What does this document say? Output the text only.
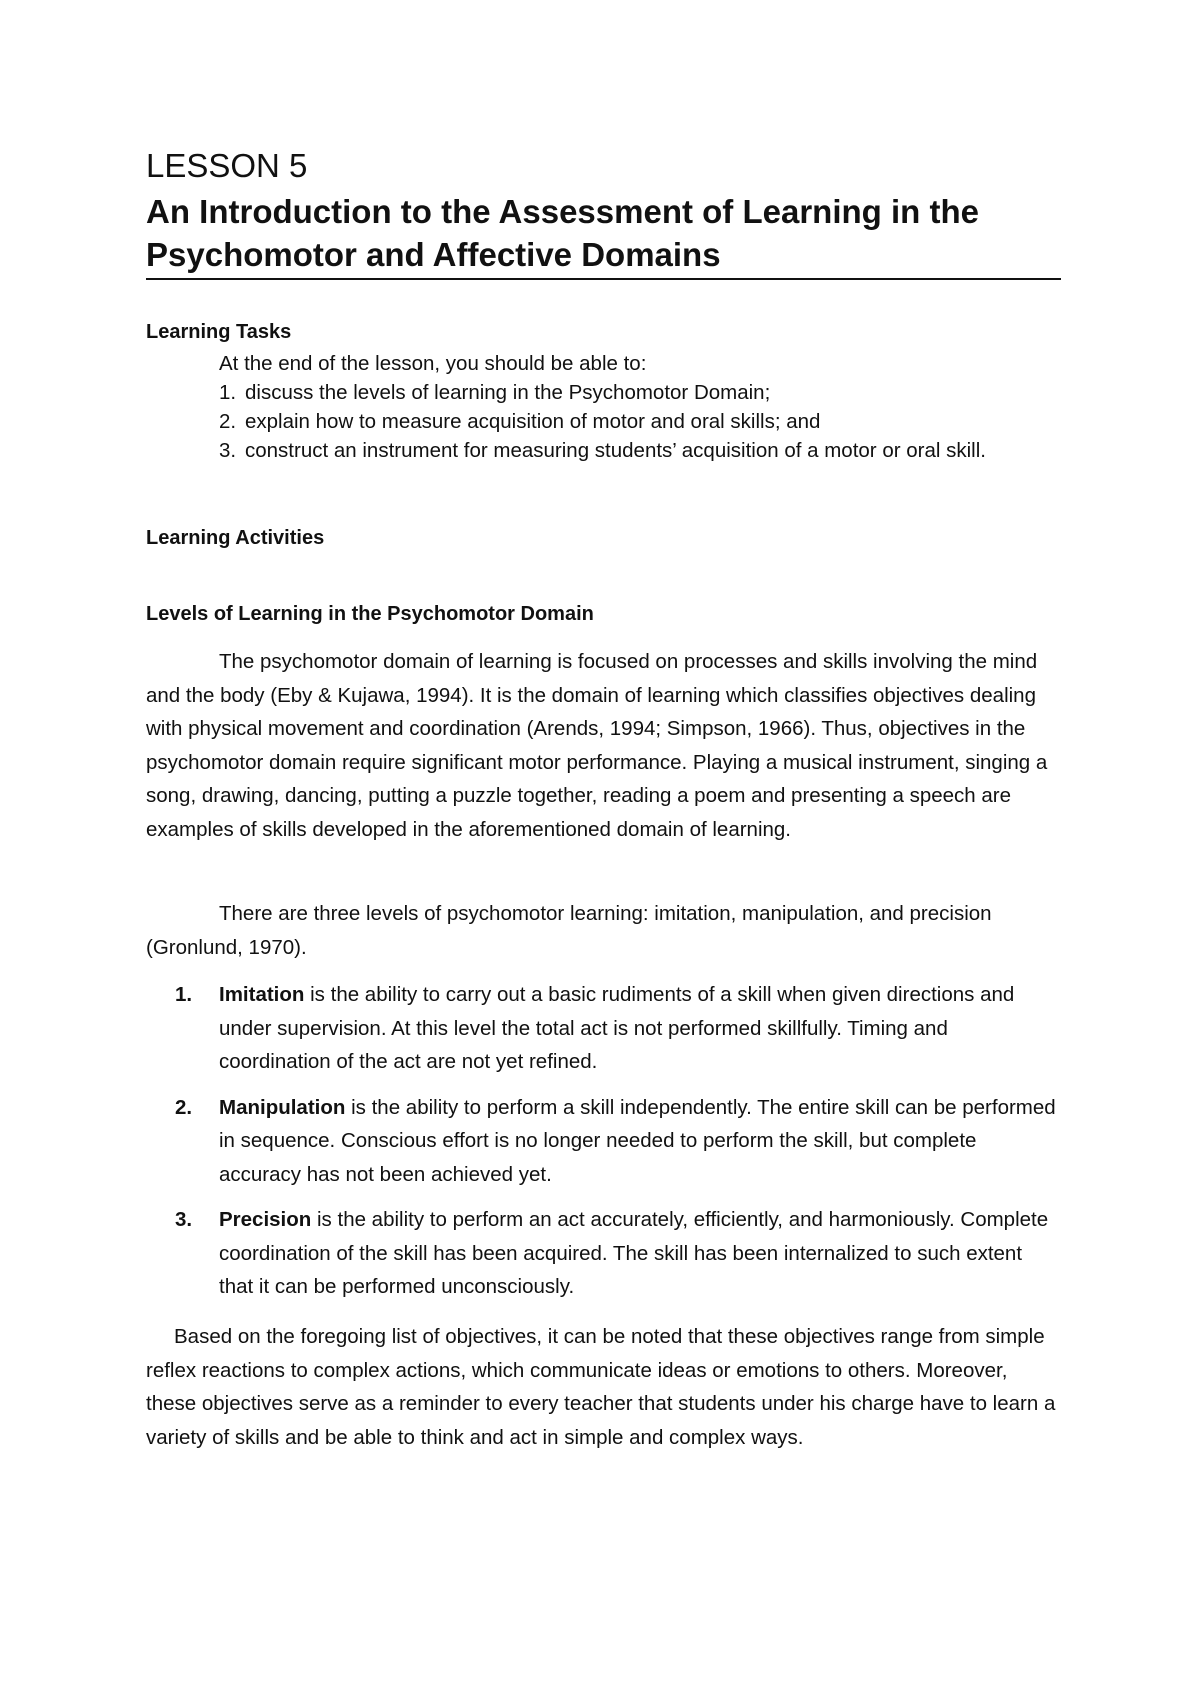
LESSON 5
An Introduction to the Assessment of Learning in the Psychomotor and Affective Domains
Learning Tasks
At the end of the lesson, you should be able to:
1. discuss the levels of learning in the Psychomotor Domain;
2. explain how to measure acquisition of motor and oral skills; and
3. construct an instrument for measuring students’ acquisition of a motor or oral skill.
Learning Activities
Levels of Learning in the Psychomotor Domain

The psychomotor domain of learning is focused on processes and skills involving the mind and the body (Eby & Kujawa, 1994). It is the domain of learning which classifies objectives dealing with physical movement and coordination (Arends, 1994; Simpson, 1966). Thus, objectives in the psychomotor domain require significant motor performance. Playing a musical instrument, singing a song, drawing, dancing, putting a puzzle together, reading a poem and presenting a speech are examples of skills developed in the aforementioned domain of learning.

There are three levels of psychomotor learning: imitation, manipulation, and precision (Gronlund, 1970).

1.	Imitation is the ability to carry out a basic rudiments of a skill when given directions and under supervision. At this level the total act is not performed skillfully. Timing and coordination of the act are not yet refined.
2.	Manipulation is the ability to perform a skill independently. The entire skill can be performed in sequence. Conscious effort is no longer needed to perform the skill, but complete accuracy has not been achieved yet.
3.	Precision is the ability to perform an act accurately, efficiently, and harmoniously. Complete coordination of the skill has been acquired. The skill has been internalized to such extent that it can be performed unconsciously.

Based on the foregoing list of objectives, it can be noted that these objectives range from simple reflex reactions to complex actions, which communicate ideas or emotions to others. Moreover, these objectives serve as a reminder to every teacher that students under his charge have to learn a variety of skills and be able to think and act in simple and complex ways.
